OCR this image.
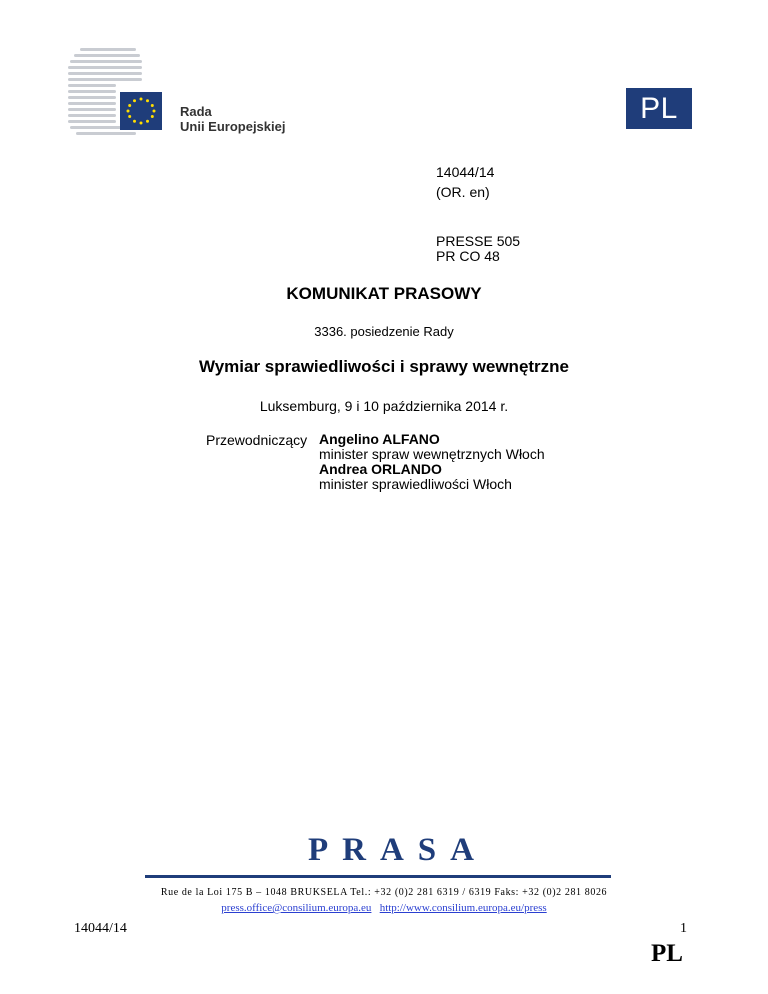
Rada
Unii Europejskiej
PL
14044/14
(OR. en)
PRESSE 505
PR CO 48
KOMUNIKAT PRASOWY
3336. posiedzenie Rady
Wymiar sprawiedliwości i sprawy wewnętrzne
Luksemburg, 9 i 10 października 2014 r.
Przewodniczący Angelino ALFANO
minister spraw wewnętrznych Włoch
Andrea ORLANDO
minister sprawiedliwości Włoch
PRASA
Rue de la Loi 175 B – 1048 BRUKSELA Tel.: +32 (0)2 281 6319 / 6319 Faks: +32 (0)2 281 8026
press.office@consilium.europa.eu http://www.consilium.europa.eu/press
14044/14	1
PL
